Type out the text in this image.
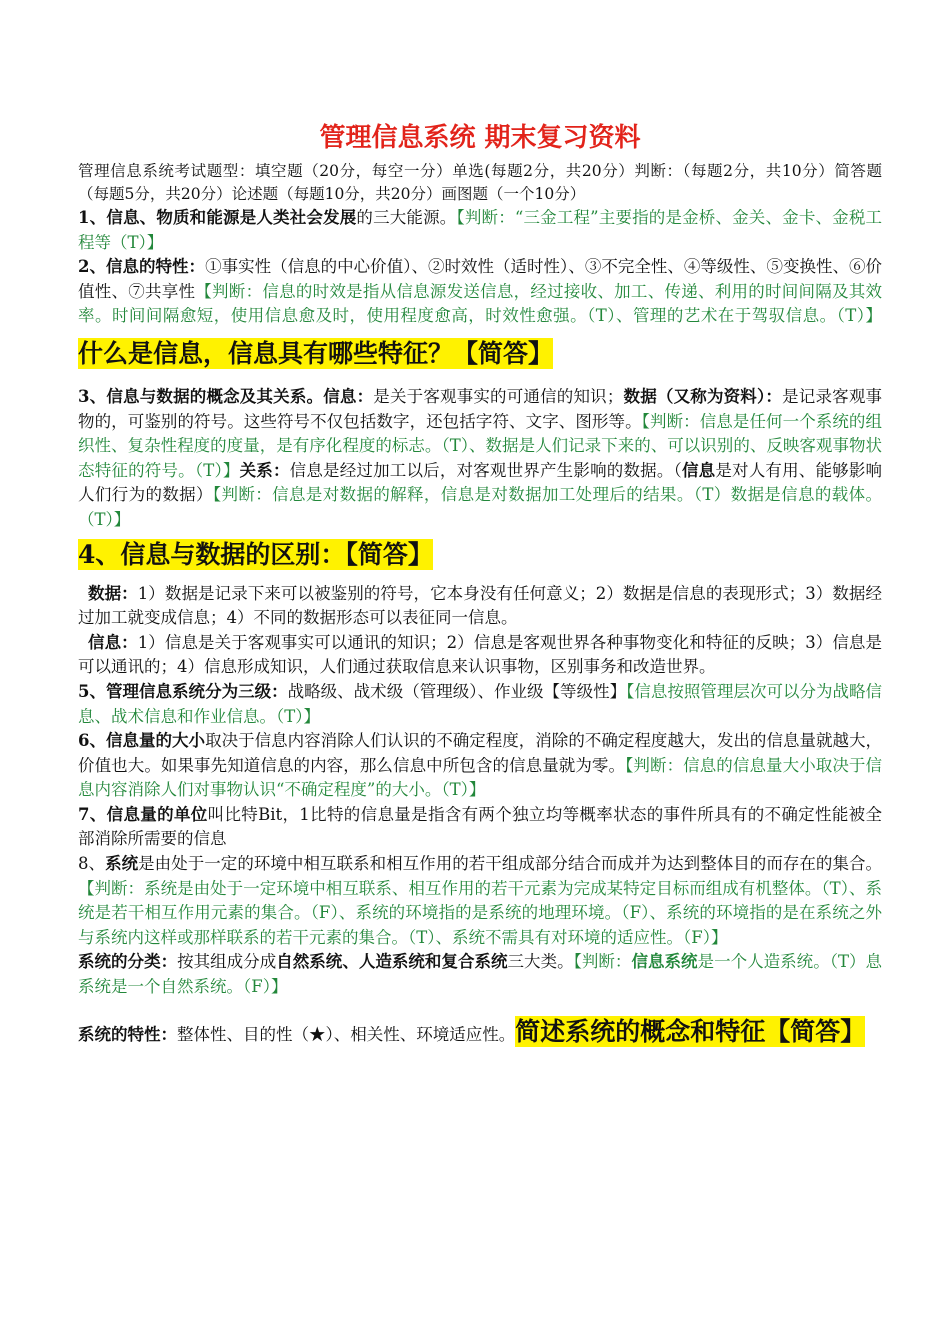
管理信息系统 期末复习资料

管理信息系统考试题型：填空题（20分，每空一分）单选(每题2分，共20分）判断：（每题2分，共10分）简答题（每题5分，共20分）论述题（每题10分，共20分）画图题（一个10分）

1、信息、物质和能源是人类社会发展的三大能源。【判断：“三金工程”主要指的是金桥、金关、金卡、金税工程等（T）】

2、信息的特性：①事实性（信息的中心价值）、②时效性（适时性）、③不完全性、④等级性、⑤变换性、⑥价值性、⑦共享性【判断：信息的时效是指从信息源发送信息，经过接收、加工、传递、利用的时间间隔及其效率。时间间隔愈短，使用信息愈及时，使用程度愈高，时效性愈强。（T）、管理的艺术在于驾驭信息。（T）】什么是信息，信息具有哪些特征？【简答】

3、信息与数据的概念及其关系。信息：是关于客观事实的可通信的知识；数据（又称为资料）：是记录客观事物的，可鉴别的符号。这些符号不仅包括数字，还包括字符、文字、图形等。【判断：信息是任何一个系统的组织性、复杂性程度的度量，是有序化程度的标志。（T）、数据是人们记录下来的、可以识别的、反映客观事物状态特征的符号。（T）】关系：信息是经过加工以后，对客观世界产生影响的数据。（信息是对人有用、能够影响人们行为的数据）【判断：信息是对数据的解释，信息是对数据加工处理后的结果。（T）数据是信息的载体。（T）】

4、信息与数据的区别：【简答】

数据：1）数据是记录下来可以被鉴别的符号，它本身没有任何意义；2）数据是信息的表现形式；3）数据经过加工就变成信息；4）不同的数据形态可以表征同一信息。

信息：1）信息是关于客观事实可以通讯的知识；2）信息是客观世界各种事物变化和特征的反映；3）信息是可以通讯的；4）信息形成知识，人们通过获取信息来认识事物，区别事务和改造世界。

5、管理信息系统分为三级：战略级、战术级（管理级）、作业级【等级性】【信息按照管理层次可以分为战略信息、战术信息和作业信息。（T）】

6、信息量的大小取决于信息内容消除人们认识的不确定程度，消除的不确定程度越大，发出的信息量就越大，价值也大。如果事先知道信息的内容，那么信息中所包含的信息量就为零。【判断：信息的信息量大小取决于信息内容消除人们对事物认识“不确定程度”的大小。（T）】

7、信息量的单位叫比特Bit，1比特的信息量是指含有两个独立均等概率状态的事件所具有的不确定性能被全部消除所需要的信息

8、系统是由处于一定的环境中相互联系和相互作用的若干组成部分结合而成并为达到整体目的而存在的集合。【判断：系统是由处于一定环境中相互联系、相互作用的若干元素为完成某特定目标而组成有机整体。（T）、系统是若干相互作用元素的集合。（F）、系统的环境指的是系统的地理环境。（F）、系统的环境指的是在系统之外与系统内这样或那样联系的若干元素的集合。（T）、系统不需具有对环境的适应性。（F）】

系统的分类：按其组成分成自然系统、人造系统和复合系统三大类。【判断：信息系统是一个人造系统。（T）息系统是一个自然系统。（F）】

系统的特性：整体性、目的性（★）、相关性、环境适应性。简述系统的概念和特征【简答】
